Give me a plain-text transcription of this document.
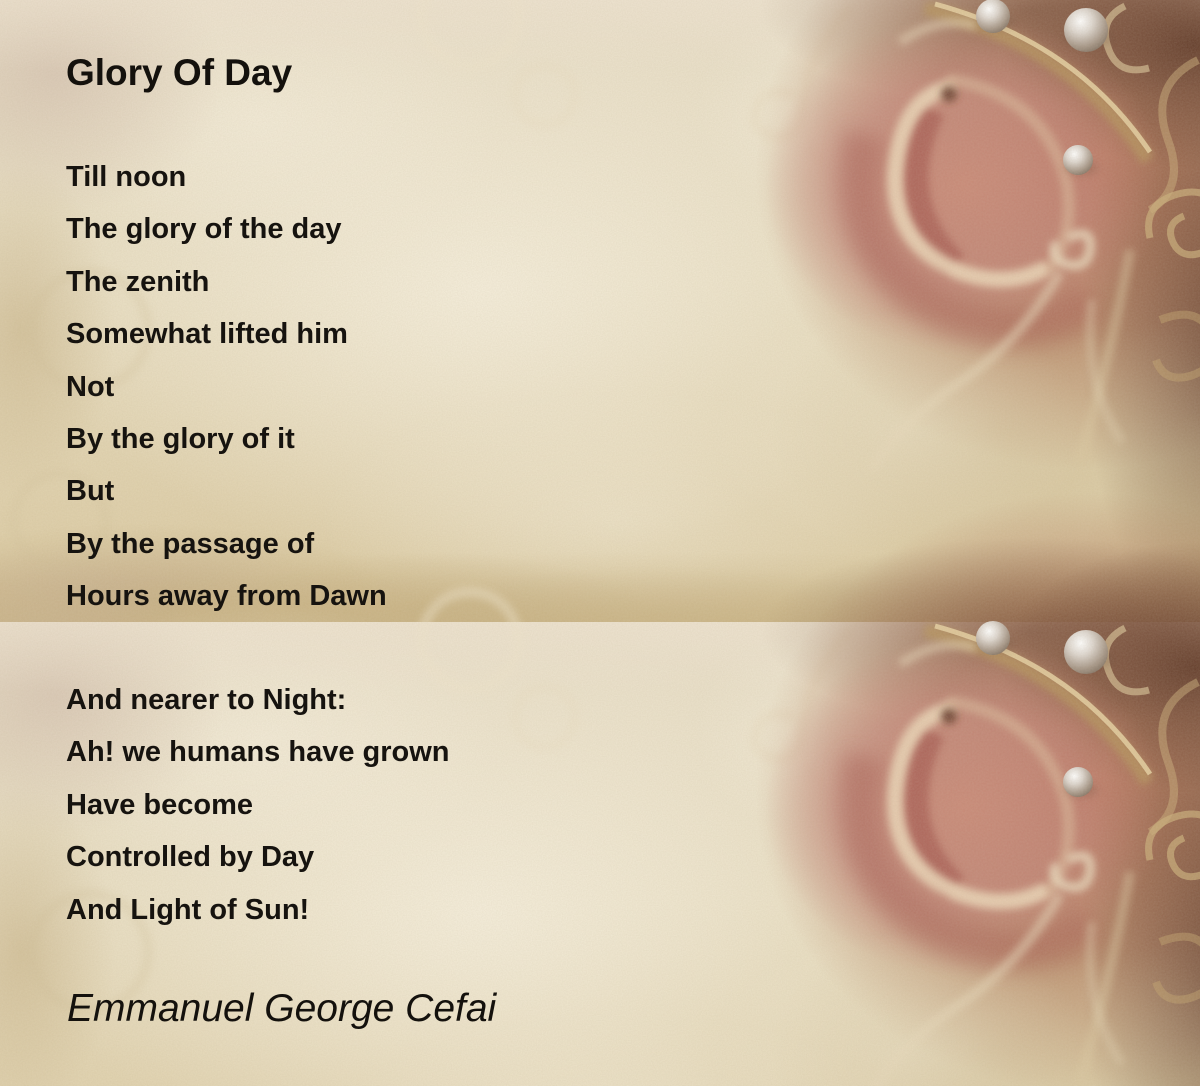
Glory Of Day
Till noon
The glory of the day
The zenith
Somewhat lifted him
Not
By the glory of it
But
By the passage of
Hours away from Dawn
And nearer to Night:
Ah! we humans have grown
Have become
Controlled by Day
And Light of Sun!
Emmanuel George Cefai
